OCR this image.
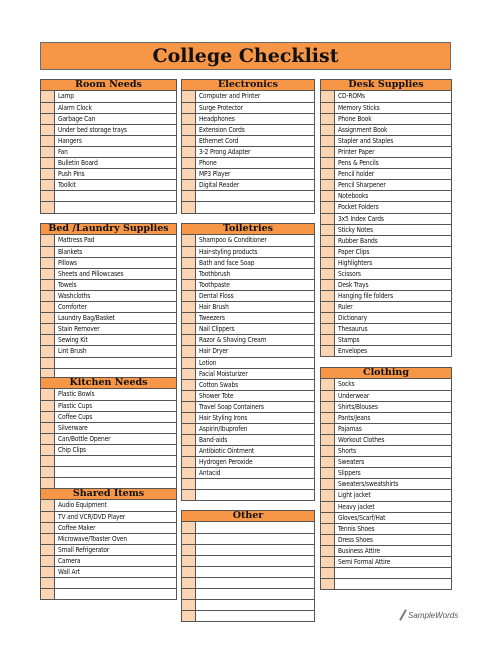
College Checklist
Room Needs
Lamp
Alarm Clock
Garbage Can
Under bed storage trays
Hangers
Fan
Bulletin Board
Push Pins
Toolkit
Electronics
Computer and Printer
Surge Protector
Headphones
Extension Cords
Ethernet Cord
3-2 Prong Adapter
Phone
MP3 Player
Digital Reader
Desk Supplies
CD-ROMs
Memory Sticks
Phone Book
Assignment Book
Stapler and Staples
Printer Paper
Pens & Pencils
Pencil holder
Pencil Sharpener
Notebooks
Pocket Folders
3x5 Index Cards
Sticky Notes
Rubber Bands
Paper Clips
Highlighters
Scissors
Desk Trays
Hanging file folders
Ruler
Dictionary
Thesaurus
Stamps
Envelopes
Bed /Laundry Supplies
Mattress Pad
Blankets
Pillows
Sheets and Pillowcases
Towels
Washcloths
Comforter
Laundry Bag/Basket
Stain Remover
Sewing Kit
Lint Brush
Toiletries
Shampoo & Conditioner
Hair-styling products
Bath and face Soap
Toothbrush
Toothpaste
Dental Floss
Hair Brush
Tweezers
Nail Clippers
Razor & Shaving Cream
Hair Dryer
Lotion
Facial Moisturizer
Cotton Swabs
Shower Tote
Travel Soap Containers
Hair Styling Irons
Aspirin/Ibuprofen
Band-aids
Antibiotic Ointment
Hydrogen Peroxide
Antacid
Kitchen Needs
Plastic Bowls
Plastic Cups
Coffee Cups
Silverware
Can/Bottle Opener
Chip Clips
Clothing
Socks
Underwear
Shirts/Blouses
Pants/Jeans
Pajamas
Workout Clothes
Shorts
Sweaters
Slippers
Sweaters/sweatshirts
Light jacket
Heavy jacket
Gloves/Scarf/Hat
Tennis Shoes
Dress Shoes
Business Attire
Semi Formal Attire
Shared Items
Audio Equipment
TV and VCR/DVD Player
Coffee Maker
Microwave/Toaster Oven
Small Refrigerator
Camera
Wall Art
Other
SampleWords
